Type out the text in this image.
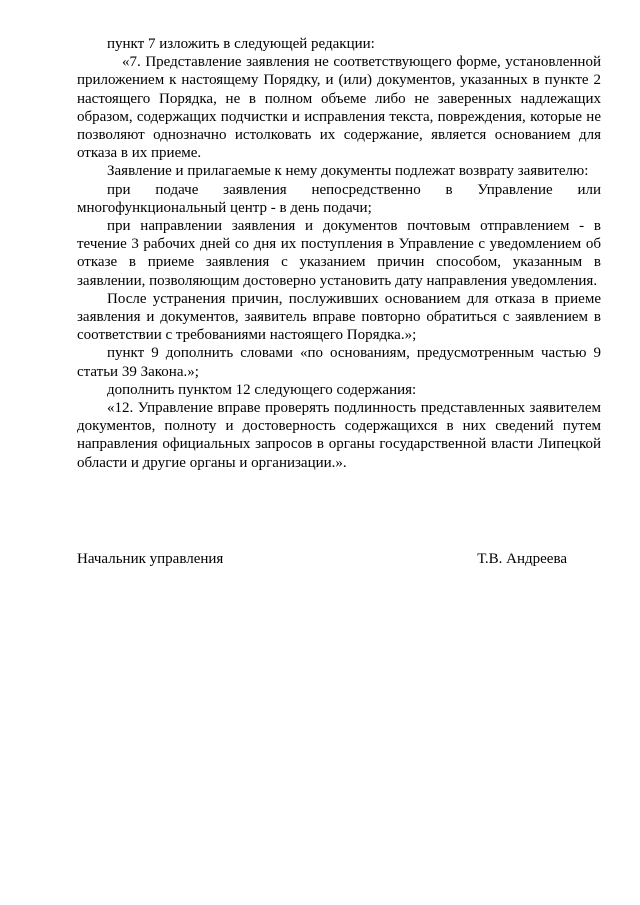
пункт 7 изложить в следующей редакции:

«7. Представление заявления не соответствующего форме, установленной приложением к настоящему Порядку, и (или) документов, указанных в пункте 2 настоящего Порядка, не в полном объеме либо не заверенных надлежащих образом, содержащих подчистки и исправления текста, повреждения, которые не позволяют однозначно истолковать их содержание, является основанием для отказа в их приеме.

Заявление и прилагаемые к нему документы подлежат возврату заявителю:

при подаче заявления непосредственно в Управление или многофункциональный центр - в день подачи;

при направлении заявления и документов почтовым отправлением - в течение 3 рабочих дней со дня их поступления в Управление с уведомлением об отказе в приеме заявления с указанием причин способом, указанным в заявлении, позволяющим достоверно установить дату направления уведомления.

После устранения причин, послуживших основанием для отказа в приеме заявления и документов, заявитель вправе повторно обратиться с заявлением в соответствии с требованиями настоящего Порядка.»;

пункт 9 дополнить словами «по основаниям, предусмотренным частью 9 статьи 39 Закона.»;

дополнить пунктом 12 следующего содержания:

«12. Управление вправе проверять подлинность представленных заявителем документов, полноту и достоверность содержащихся в них сведений путем направления официальных запросов в органы государственной власти Липецкой области и другие органы и организации.».

Начальник управления	Т.В. Андреева
